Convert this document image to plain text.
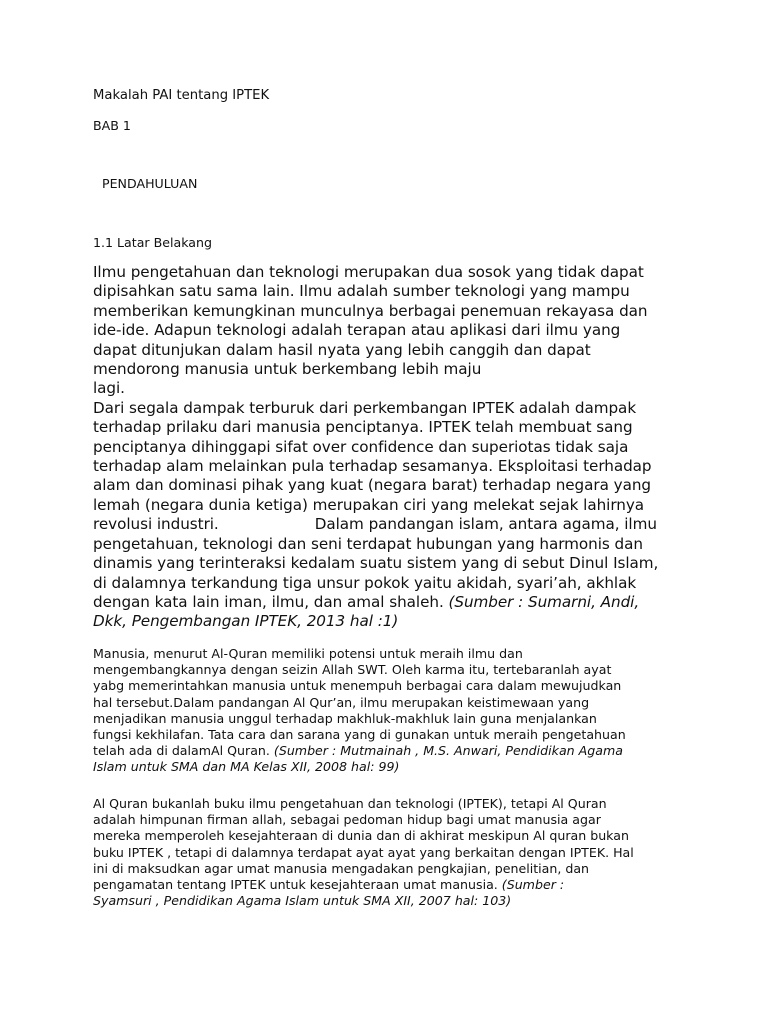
Makalah PAI tentang IPTEK
BAB 1
PENDAHULUAN
1.1 Latar Belakang
Ilmu pengetahuan dan teknologi merupakan dua sosok yang tidak dapat
dipisahkan satu sama lain. Ilmu adalah sumber teknologi yang mampu
memberikan kemungkinan munculnya berbagai penemuan rekayasa dan
ide-ide. Adapun teknologi adalah terapan atau aplikasi dari ilmu yang
dapat ditunjukan dalam hasil nyata yang lebih canggih dan dapat
mendorong manusia untuk berkembang lebih maju
lagi.
Dari segala dampak terburuk dari perkembangan IPTEK adalah dampak
terhadap prilaku dari manusia penciptanya. IPTEK telah membuat sang
penciptanya dihinggapi sifat over confidence dan superiotas tidak saja
terhadap alam melainkan pula terhadap sesamanya. Eksploitasi terhadap
alam dan dominasi pihak yang kuat (negara barat) terhadap negara yang
lemah (negara dunia ketiga) merupakan ciri yang melekat sejak lahirnya
revolusi industri.	Dalam pandangan islam, antara agama, ilmu
pengetahuan, teknologi dan seni terdapat hubungan yang harmonis dan
dinamis yang terinteraksi kedalam suatu sistem yang di sebut Dinul Islam,
di dalamnya terkandung tiga unsur pokok yaitu akidah, syari’ah, akhlak
dengan kata lain iman, ilmu, dan amal shaleh. (Sumber : Sumarni, Andi,
Dkk, Pengembangan IPTEK, 2013 hal :1)
Manusia, menurut Al-Quran memiliki potensi untuk meraih ilmu dan
mengembangkannya dengan seizin Allah SWT. Oleh karma itu, tertebaranlah ayat
yabg memerintahkan manusia untuk menempuh berbagai cara dalam mewujudkan
hal tersebut.Dalam pandangan Al Qur’an, ilmu merupakan keistimewaan yang
menjadikan manusia unggul terhadap makhluk-makhluk lain guna menjalankan
fungsi kekhilafan. Tata cara dan sarana yang di gunakan untuk meraih pengetahuan
telah ada di dalamAl Quran. (Sumber : Mutmainah , M.S. Anwari, Pendidikan Agama
Islam untuk SMA dan MA Kelas XII, 2008 hal: 99)
Al Quran bukanlah buku ilmu pengetahuan dan teknologi (IPTEK), tetapi Al Quran
adalah himpunan firman allah, sebagai pedoman hidup bagi umat manusia agar
mereka memperoleh kesejahteraan di dunia dan di akhirat meskipun Al quran bukan
buku IPTEK , tetapi di dalamnya terdapat ayat ayat yang berkaitan dengan IPTEK. Hal
ini di maksudkan agar umat manusia mengadakan pengkajian, penelitian, dan
pengamatan tentang IPTEK untuk kesejahteraan umat manusia. (Sumber :
Syamsuri , Pendidikan Agama Islam untuk SMA XII, 2007 hal: 103)
